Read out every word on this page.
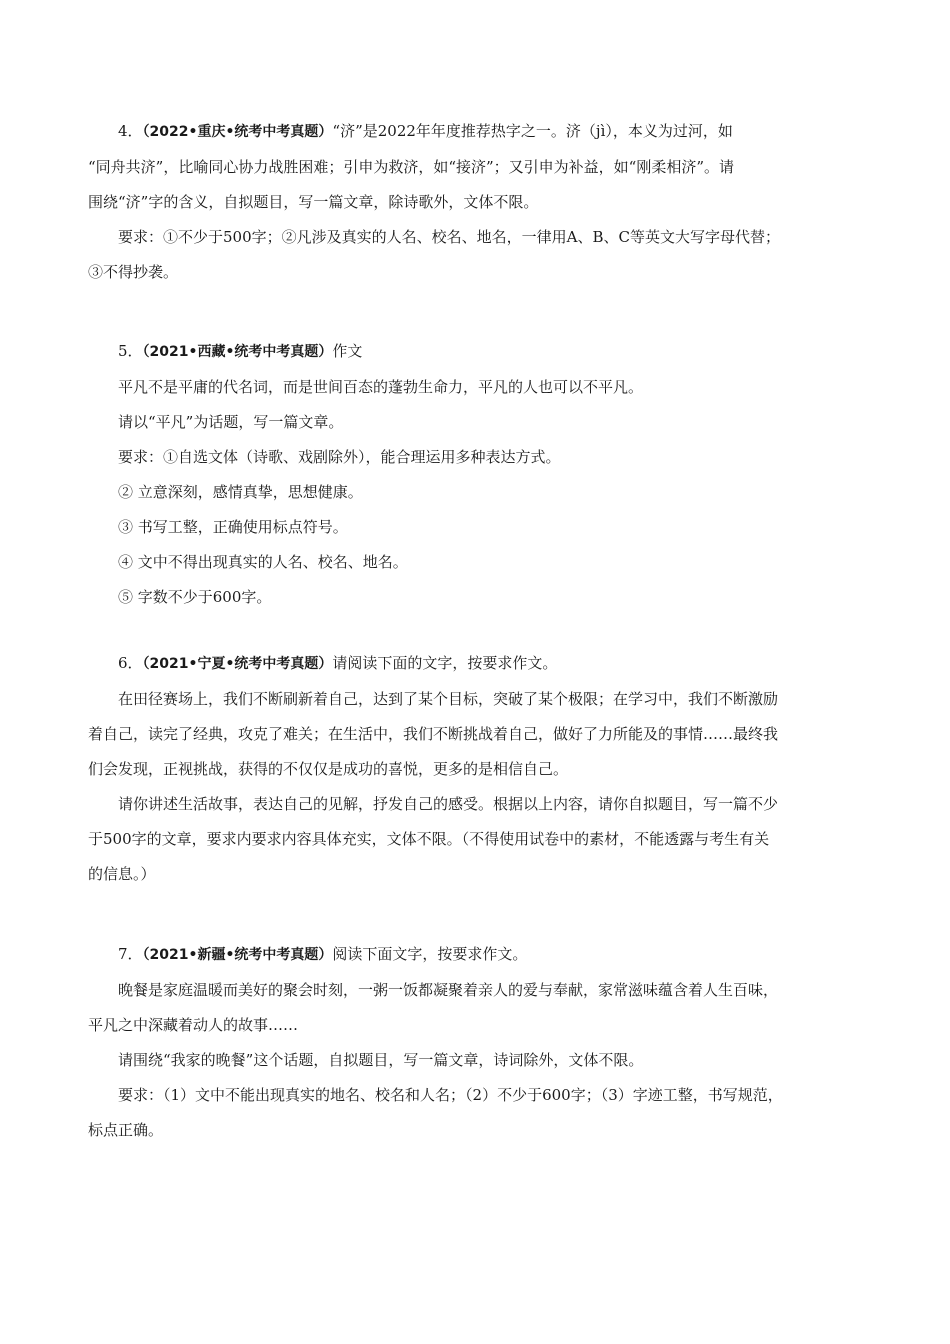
4．（2022•重庆•统考中考真题）“济”是2022年年度推荐热字之一。济（jì），本义为过河，如

“同舟共济”，比喻同心协力战胜困难；引申为救济，如“接济”；又引申为补益，如“刚柔相济”。请

围绕“济”字的含义，自拟题目，写一篇文章，除诗歌外，文体不限。

要求：①不少于500字；②凡涉及真实的人名、校名、地名，一律用A、B、C等英文大写字母代替；

③不得抄袭。

5．（2021•西藏•统考中考真题）作文

平凡不是平庸的代名词，而是世间百态的蓬勃生命力，平凡的人也可以不平凡。

请以“平凡”为话题，写一篇文章。

要求：①自选文体（诗歌、戏剧除外），能合理运用多种表达方式。

② 立意深刻，感情真挚，思想健康。

③ 书写工整，正确使用标点符号。

④ 文中不得出现真实的人名、校名、地名。

⑤ 字数不少于600字。

6．（2021•宁夏•统考中考真题）请阅读下面的文字，按要求作文。

在田径赛场上，我们不断刷新着自己，达到了某个目标，突破了某个极限；在学习中，我们不断激励

着自己，读完了经典，攻克了难关；在生活中，我们不断挑战着自己，做好了力所能及的事情……最终我

们会发现，正视挑战，获得的不仅仅是成功的喜悦，更多的是相信自己。

请你讲述生活故事，表达自己的见解，抒发自己的感受。根据以上内容，请你自拟题目，写一篇不少

于500字的文章，要求内要求内容具体充实，文体不限。（不得使用试卷中的素材，不能透露与考生有关

的信息。）

7．（2021•新疆•统考中考真题）阅读下面文字，按要求作文。

晚餐是家庭温暖而美好的聚会时刻，一粥一饭都凝聚着亲人的爱与奉献，家常滋味蕴含着人生百味，

平凡之中深藏着动人的故事……

请围绕“我家的晚餐”这个话题，自拟题目，写一篇文章，诗词除外，文体不限。

要求：（1）文中不能出现真实的地名、校名和人名；（2）不少于600字；（3）字迹工整，书写规范，

标点正确。
